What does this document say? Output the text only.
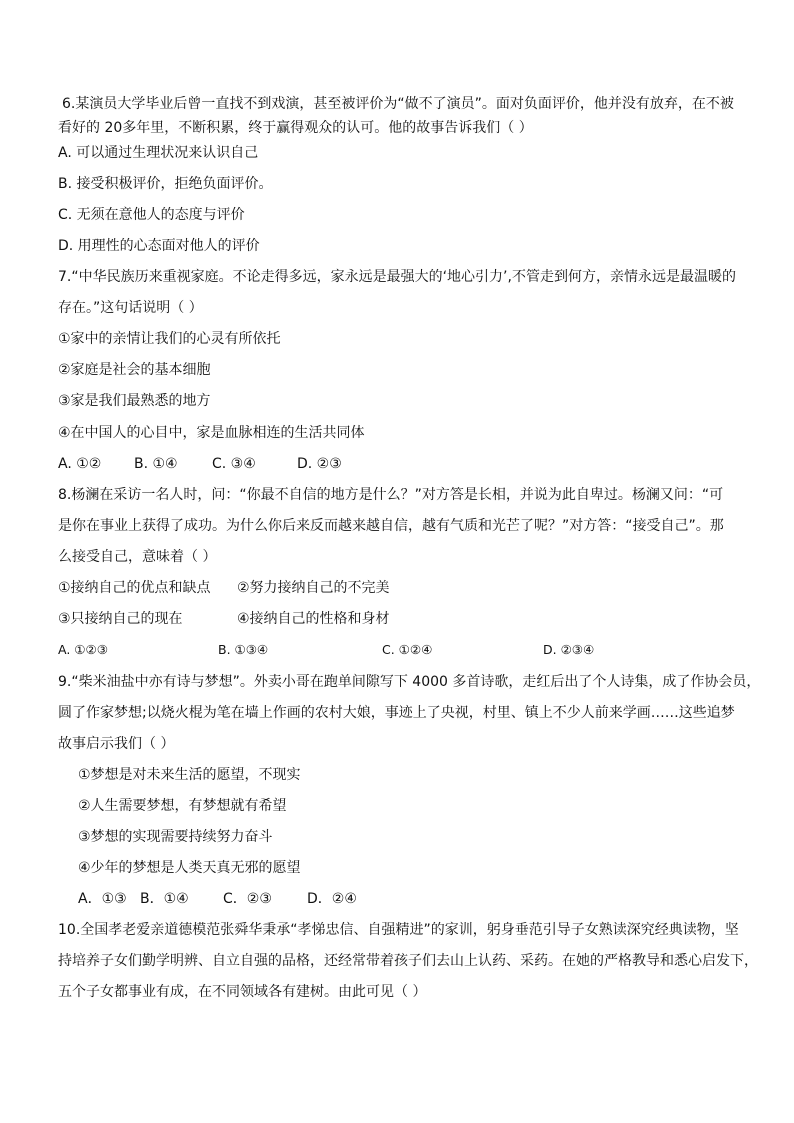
6.某演员大学毕业后曾一直找不到戏演，甚至被评价为“做不了演员”。面对负面评价，他并没有放弃，在不被
看好的 20多年里，不断积累，终于赢得观众的认可。他的故事告诉我们（ ）
A. 可以通过生理状况来认识自己
B. 接受积极评价，拒绝负面评价。
C. 无须在意他人的态度与评价
D. 用理性的心态面对他人的评价
7.“中华民族历来重视家庭。不论走得多远，家永远是最强大的‘地心引力’,不管走到何方，亲情永远是最温暖的
存在。”这句话说明（ ）
①家中的亲情让我们的心灵有所依托
②家庭是社会的基本细胞
③家是我们最熟悉的地方
④在中国人的心目中，家是血脉相连的生活共同体
A. ①② B. ①④ C. ③④	D. ②③
8.杨澜在采访一名人时，问：“你最不自信的地方是什么？”对方答是长相，并说为此自卑过。杨澜又问：“可
是你在事业上获得了成功。为什么你后来反而越来越自信，越有气质和光芒了呢？”对方答：“接受自己”。那
么接受自己，意味着（ ）
①接纳自己的优点和缺点 ②努力接纳自己的不完美
③只接纳自己的现在	④接纳自己的性格和身材
A. ①②③	B. ①③④	C. ①②④	D. ②③④
9.“柴米油盐中亦有诗与梦想”。外卖小哥在跑单间隙写下 4000 多首诗歌，走红后出了个人诗集，成了作协会员，
圆了作家梦想;以烧火棍为笔在墙上作画的农村大娘，事迹上了央视，村里、镇上不少人前来学画……这些追梦
故事启示我们（ ）
①梦想是对未来生活的愿望，不现实
②人生需要梦想，有梦想就有希望
③梦想的实现需要持续努力奋斗
④少年的梦想是人类天真无邪的愿望
A．①③ B．①④ C．②③	D．②④
10.全国孝老爱亲道德模范张舜华秉承“孝悌忠信、自强精进”的家训，躬身垂范引导子女熟读深究经典读物，坚
持培养子女们勤学明辨、自立自强的品格，还经常带着孩子们去山上认药、采药。在她的严格教导和悉心启发下，
五个子女都事业有成，在不同领域各有建树。由此可见（ ）
